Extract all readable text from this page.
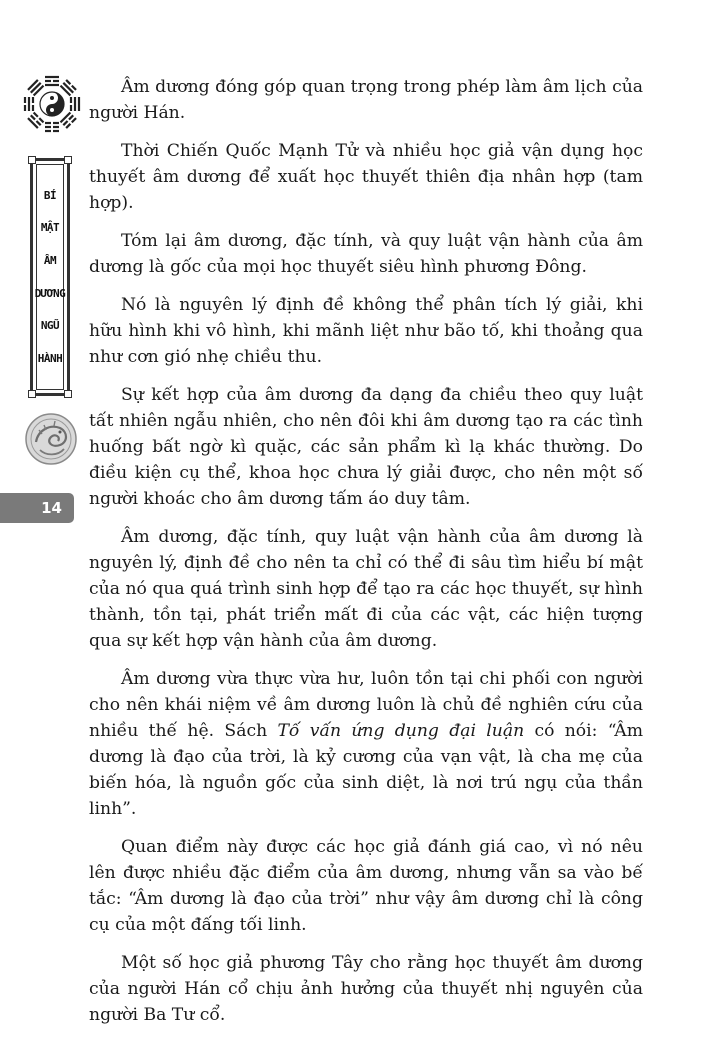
BÍ
MẬT
ÂM
DƯƠNG
NGŨ
HÀNH
14

Âm dương đóng góp quan trọng trong phép làm âm lịch của người Hán.

Thời Chiến Quốc Mạnh Tử và nhiều học giả vận dụng học thuyết âm dương để xuất học thuyết thiên địa nhân hợp (tam hợp).

Tóm lại âm dương, đặc tính, và quy luật vận hành của âm dương là gốc của mọi học thuyết siêu hình phương Đông.

Nó là nguyên lý định đề không thể phân tích lý giải, khi hữu hình khi vô hình, khi mãnh liệt như bão tố, khi thoảng qua như cơn gió nhẹ chiều thu.

Sự kết hợp của âm dương đa dạng đa chiều theo quy luật tất nhiên ngẫu nhiên, cho nên đôi khi âm dương tạo ra các tình huống bất ngờ kì quặc, các sản phẩm kì lạ khác thường. Do điều kiện cụ thể, khoa học chưa lý giải được, cho nên một số người khoác cho âm dương tấm áo duy tâm.

Âm dương, đặc tính, quy luật vận hành của âm dương là nguyên lý, định đề cho nên ta chỉ có thể đi sâu tìm hiểu bí mật của nó qua quá trình sinh hợp để tạo ra các học thuyết, sự hình thành, tồn tại, phát triển mất đi của các vật, các hiện tượng qua sự kết hợp vận hành của âm dương.

Âm dương vừa thực vừa hư, luôn tồn tại chi phối con người cho nên khái niệm về âm dương luôn là chủ đề nghiên cứu của nhiều thế hệ. Sách Tố vấn ứng dụng đại luận có nói: “Âm dương là đạo của trời, là kỷ cương của vạn vật, là cha mẹ của biến hóa, là nguồn gốc của sinh diệt, là nơi trú ngụ của thần linh”.

Quan điểm này được các học giả đánh giá cao, vì nó nêu lên được nhiều đặc điểm của âm dương, nhưng vẫn sa vào bế tắc: “Âm dương là đạo của trời” như vậy âm dương chỉ là công cụ của một đấng tối linh.

Một số học giả phương Tây cho rằng học thuyết âm dương của người Hán cổ chịu ảnh hưởng của thuyết nhị nguyên của người Ba Tư cổ.
